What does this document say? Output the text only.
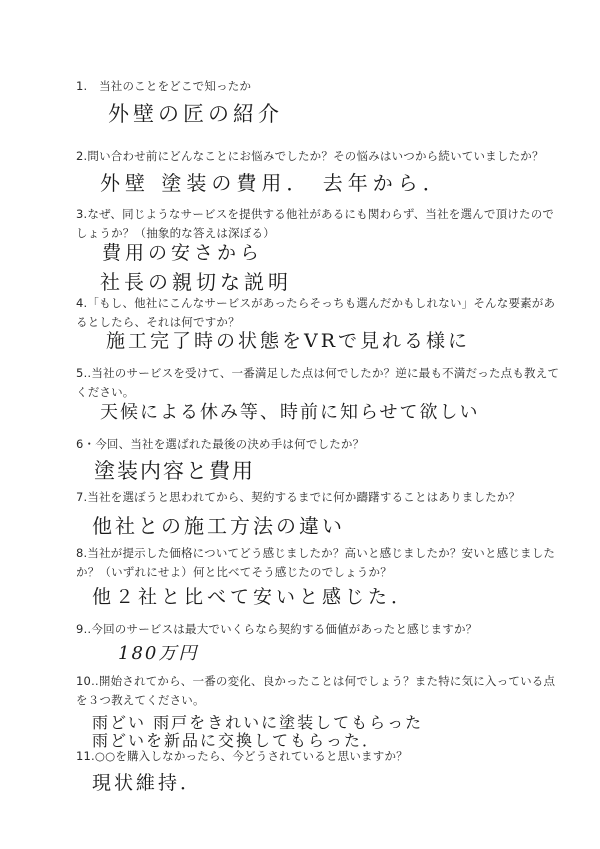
1.　当社のことをどこで知ったか
外壁の匠の紹介
2.問い合わせ前にどんなことにお悩みでしたか？その悩みはいつから続いていましたか？
外壁 塗装の費用． 去年から．
3.なぜ、同じようなサービスを提供する他社があるにも関わらず、当社を選んで頂けたのでしょうか？（抽象的な答えは深ぼる）
費用の安さから
社長の親切な説明
4.「もし、他社にこんなサービスがあったらそっちも選んだかもしれない」そんな要素があるとしたら、それは何ですか？
施工完了時の状態をVRで見れる様に
5‥当社のサービスを受けて、一番満足した点は何でしたか？逆に最も不満だった点も教えてください。
天候による休み等、時前に知らせて欲しい
6・今回、当社を選ばれた最後の決め手は何でしたか？
塗装内容と費用
7.当社を選ぼうと思われてから、契約するまでに何か躊躇することはありましたか？
他社との施工方法の違い
8.当社が提示した価格についてどう感じましたか？高いと感じましたか？安いと感じましたか？（いずれにせよ）何と比べてそう感じたのでしょうか？
他２社と比べて安いと感じた．
9‥今回のサービスは最大でいくらなら契約する価値があったと感じますか？
180万円
10‥開始されてから、一番の変化、良かったことは何でしょう？また特に気に入っている点を３つ教えてください。
雨どい 雨戸をきれいに塗装してもらった
雨どいを新品に交換してもらった．
11.○○を購入しなかったら、今どうされていると思いますか？
現状維持．
